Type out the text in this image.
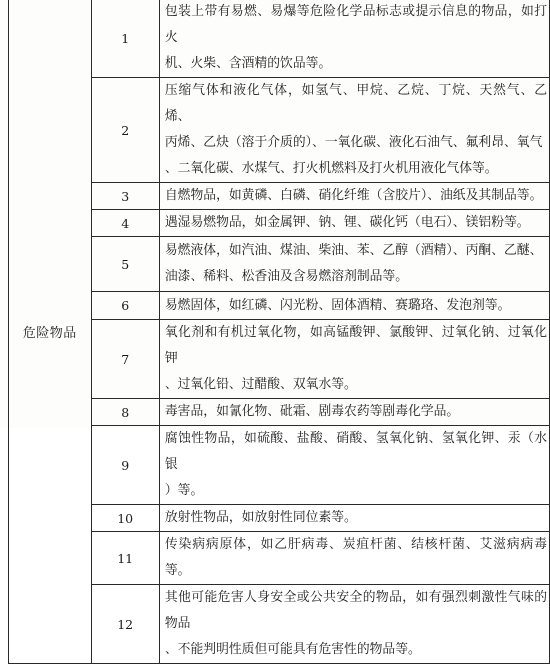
危险物品	1	包装上带有易燃、易爆等危险化学品标志或提示信息的物品，如打火
机、火柴、含酒精的饮品等。

	2	压缩气体和液化气体，如氢气、甲烷、乙烷、丁烷、天然气、乙烯、
丙烯、乙炔（溶于介质的）、一氧化碳、液化石油气、氟利昂、氧气
、二氧化碳、水煤气、打火机燃料及打火机用液化气体等。

	3	自燃物品，如黄磷、白磷、硝化纤维（含胶片）、油纸及其制品等。

	4	遇湿易燃物品，如金属钾、钠、锂、碳化钙（电石）、镁铝粉等。

	5	易燃液体，如汽油、煤油、柴油、苯、乙醇（酒精）、丙酮、乙醚、
油漆、稀料、松香油及含易燃溶剂制品等。

	6	易燃固体，如红磷、闪光粉、固体酒精、赛璐珞、发泡剂等。

	7	氧化剂和有机过氧化物，如高锰酸钾、氯酸钾、过氧化钠、过氧化钾
、过氧化铅、过醋酸、双氧水等。

	8	毒害品，如氰化物、砒霜、剧毒农药等剧毒化学品。

	9	腐蚀性物品，如硫酸、盐酸、硝酸、氢氧化钠、氢氧化钾、汞（水银
）等。

	10	放射性物品，如放射性同位素等。

	11	传染病病原体，如乙肝病毒、炭疽杆菌、结核杆菌、艾滋病病毒等。

	12	其他可能危害人身安全或公共安全的物品，如有强烈刺激性气味的物品
、不能判明性质但可能具有危害性的物品等。
